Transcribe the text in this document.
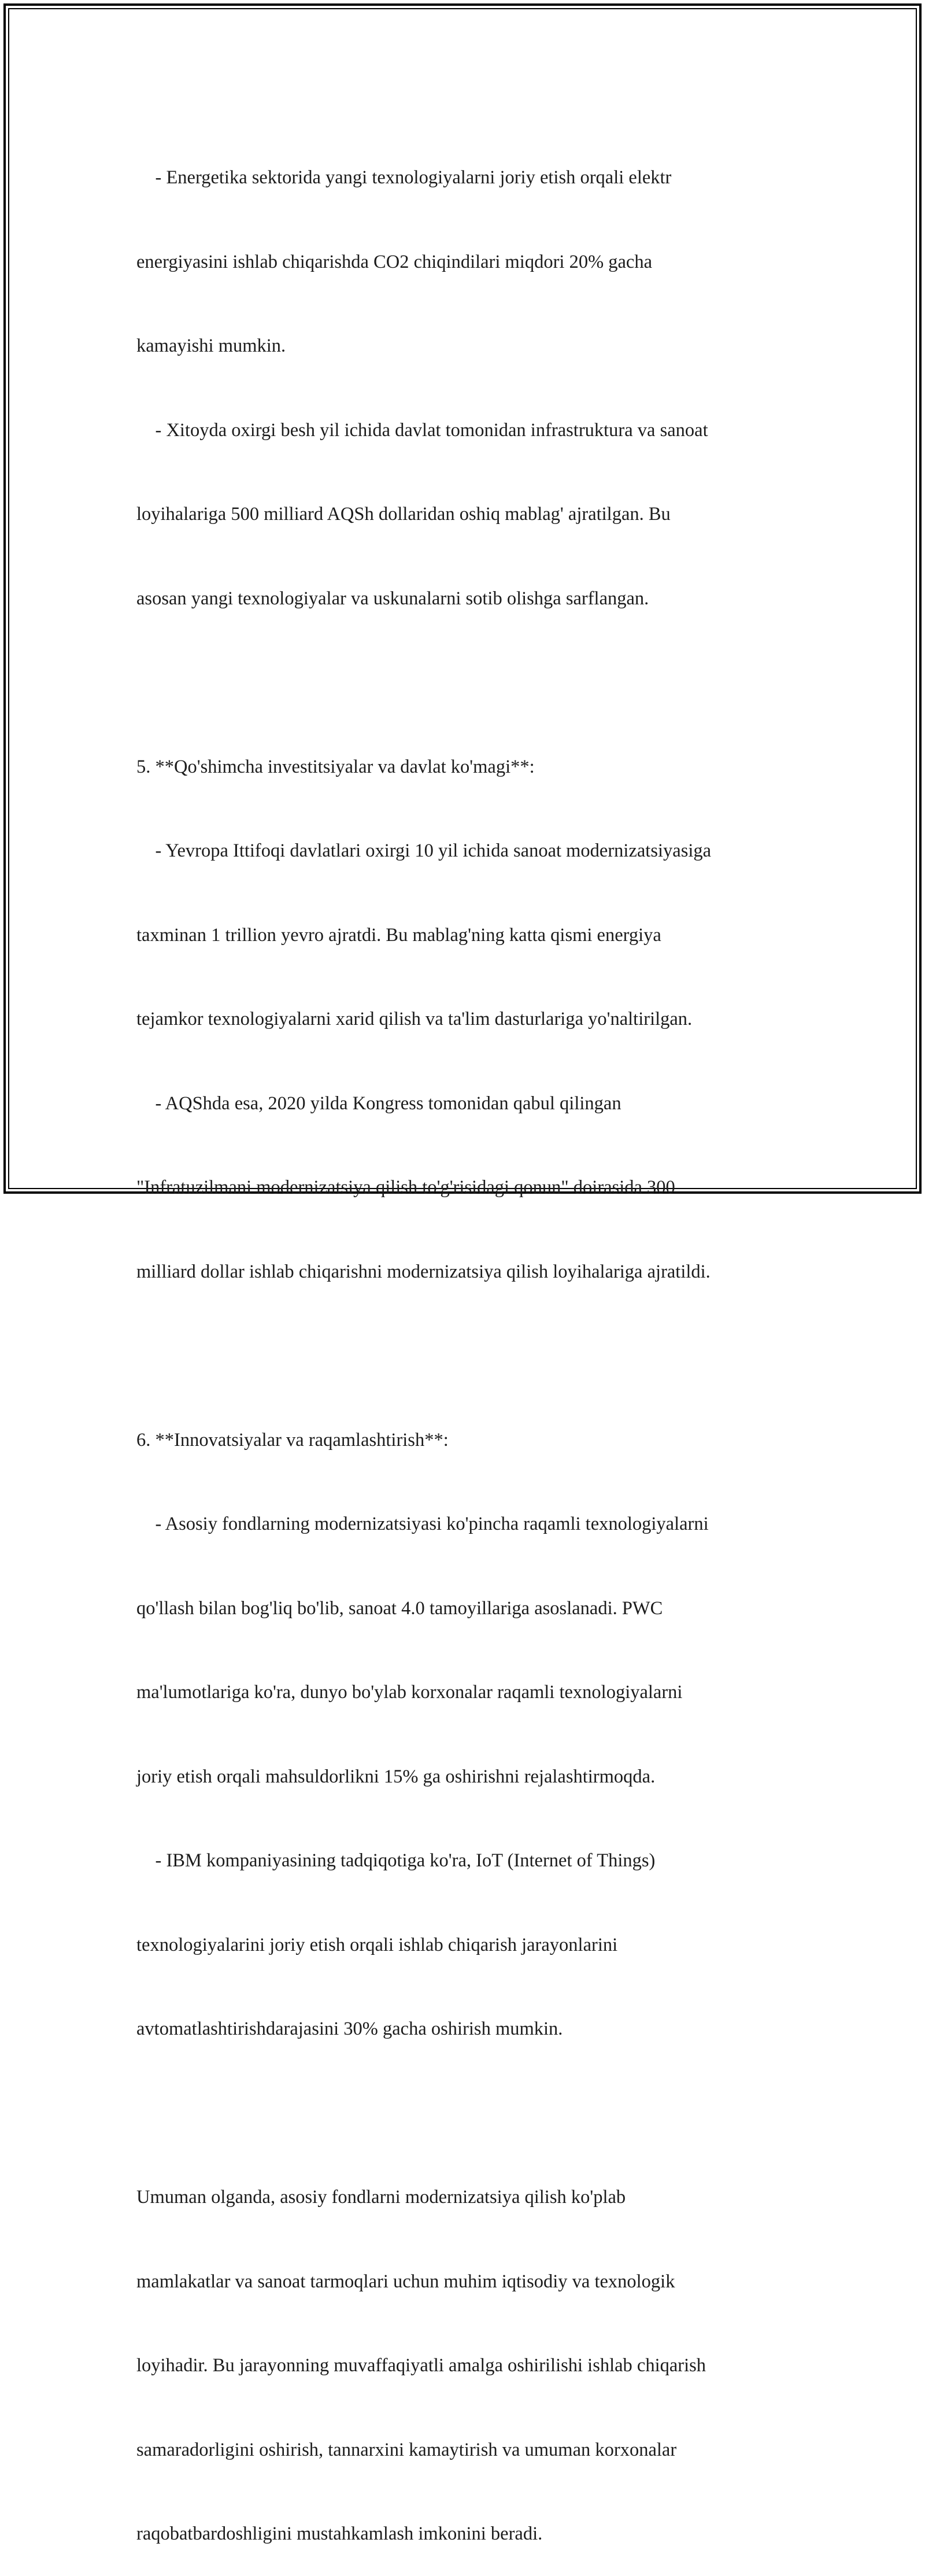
- Energetika sektorida yangi texnologiyalarni joriy etish orqali elektr

energiyasini ishlab chiqarishda CO2 chiqindilari miqdori 20% gacha

kamayishi mumkin.

- Xitoyda oxirgi besh yil ichida davlat tomonidan infrastruktura va sanoat

loyihalariga 500 milliard AQSh dollaridan oshiq mablag' ajratilgan. Bu

asosan yangi texnologiyalar va uskunalarni sotib olishga sarflangan.

5. **Qo'shimcha investitsiyalar va davlat ko'magi**:

- Yevropa Ittifoqi davlatlari oxirgi 10 yil ichida sanoat modernizatsiyasiga

taxminan 1 trillion yevro ajratdi. Bu mablag'ning katta qismi energiya

tejamkor texnologiyalarni xarid qilish va ta'lim dasturlariga yo'naltirilgan.

- AQShda esa, 2020 yilda Kongress tomonidan qabul qilingan

"Infratuzilmani modernizatsiya qilish to'g'risidagi qonun" doirasida 300

milliard dollar ishlab chiqarishni modernizatsiya qilish loyihalariga ajratildi.

6. **Innovatsiyalar va raqamlashtirish**:

- Asosiy fondlarning modernizatsiyasi ko'pincha raqamli texnologiyalarni

qo'llash bilan bog'liq bo'lib, sanoat 4.0 tamoyillariga asoslanadi. PWC

ma'lumotlariga ko'ra, dunyo bo'ylab korxonalar raqamli texnologiyalarni

joriy etish orqali mahsuldorlikni 15% ga oshirishni rejalashtirmoqda.

- IBM kompaniyasining tadqiqotiga ko'ra, IoT (Internet of Things)

texnologiyalarini joriy etish orqali ishlab chiqarish jarayonlarini

avtomatlashtirishdarajasini 30% gacha oshirish mumkin.

Umuman olganda, asosiy fondlarni modernizatsiya qilish ko'plab

mamlakatlar va sanoat tarmoqlari uchun muhim iqtisodiy va texnologik

loyihadir. Bu jarayonning muvaffaqiyatli amalga oshirilishi ishlab chiqarish

samaradorligini oshirish, tannarxini kamaytirish va umuman korxonalar

raqobatbardoshligini mustahkamlash imkonini beradi.
